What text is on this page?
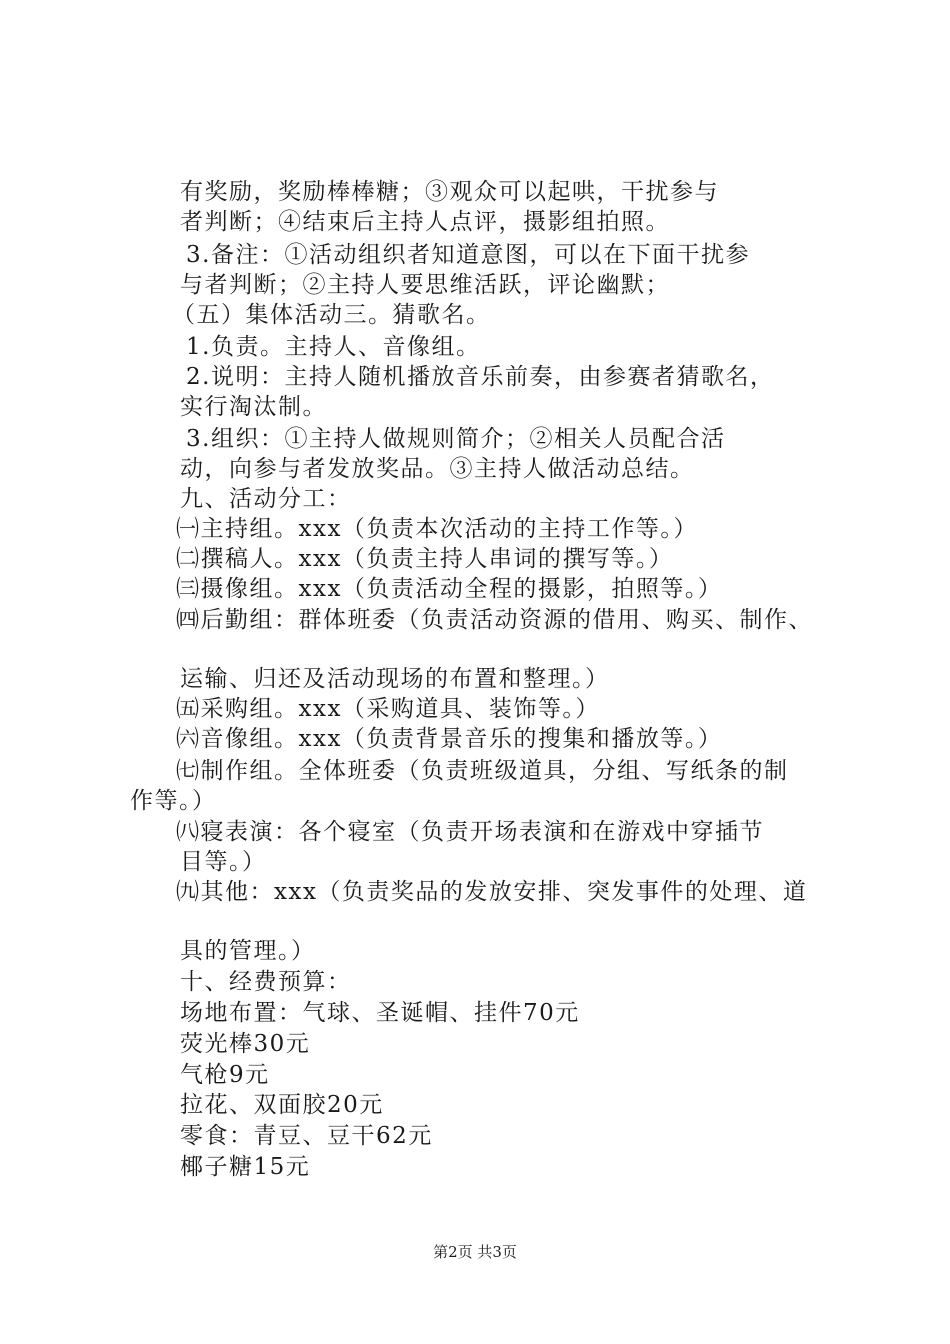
有奖励，奖励棒棒糖；③观众可以起哄，干扰参与
者判断；④结束后主持人点评，摄影组拍照。
3.备注：①活动组织者知道意图，可以在下面干扰参
与者判断；②主持人要思维活跃，评论幽默；
（五）集体活动三。猜歌名。
1.负责。主持人、音像组。
2.说明：主持人随机播放音乐前奏，由参赛者猜歌名，
实行淘汰制。
3.组织：①主持人做规则简介；②相关人员配合活
动，向参与者发放奖品。③主持人做活动总结。
九、活动分工：
㈠主持组。xxx（负责本次活动的主持工作等。）
㈡撰稿人。xxx（负责主持人串词的撰写等。）
㈢摄像组。xxx（负责活动全程的摄影，拍照等。）
㈣后勤组：群体班委（负责活动资源的借用、购买、制作、
运输、归还及活动现场的布置和整理。）
㈤采购组。xxx（采购道具、装饰等。）
㈥音像组。xxx（负责背景音乐的搜集和播放等。）
㈦制作组。全体班委（负责班级道具，分组、写纸条的制
作等。）
㈧寝表演：各个寝室（负责开场表演和在游戏中穿插节
目等。）
㈨其他：xxx（负责奖品的发放安排、突发事件的处理、道
具的管理。）
十、经费预算：
场地布置：气球、圣诞帽、挂件70元
荧光棒30元
气枪9元
拉花、双面胶20元
零食：青豆、豆干62元
椰子糖15元
第2页 共3页
